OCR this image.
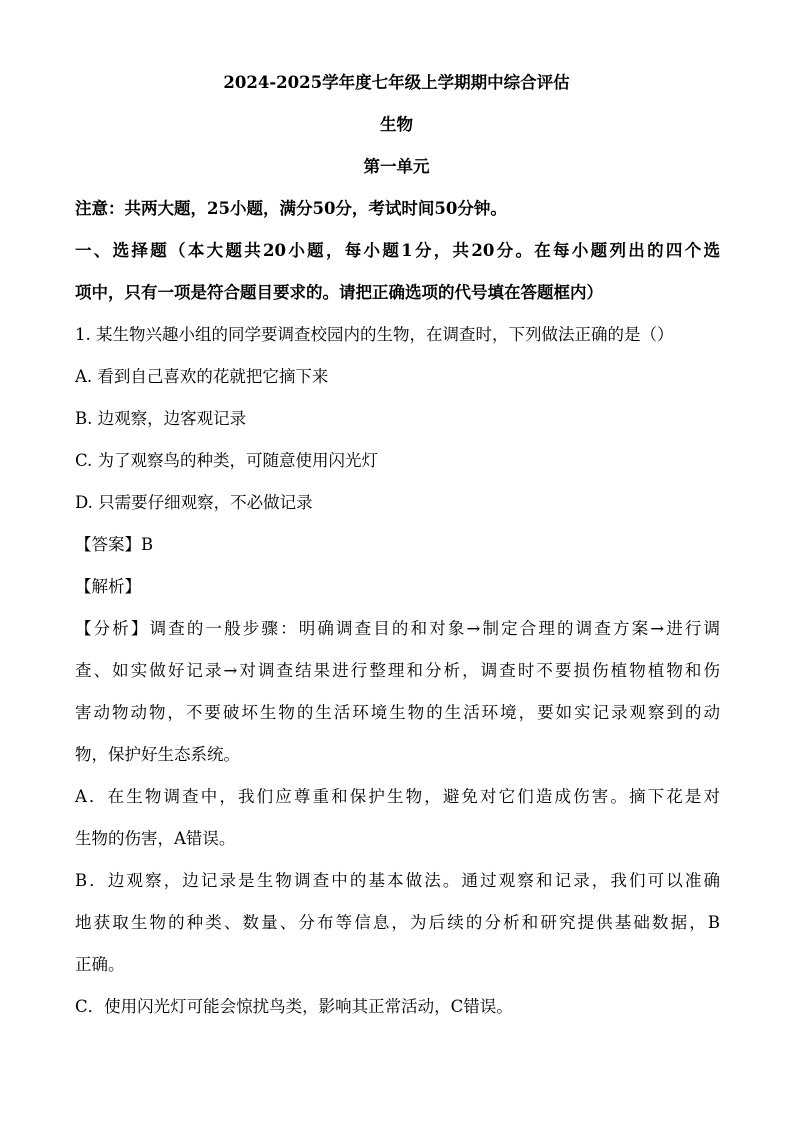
2024-2025学年度七年级上学期期中综合评估
生物
第一单元
注意：共两大题，25小题，满分50分，考试时间50分钟。
一、选择题（本大题共20小题，每小题1分，共20分。在每小题列出的四个选
项中，只有一项是符合题目要求的。请把正确选项的代号填在答题框内）
1. 某生物兴趣小组的同学要调查校园内的生物，在调查时，下列做法正确的是（）
A. 看到自己喜欢的花就把它摘下来
B. 边观察，边客观记录
C. 为了观察鸟的种类，可随意使用闪光灯
D. 只需要仔细观察，不必做记录
【答案】B
【解析】
【分析】调查的一般步骤：明确调查目的和对象→制定合理的调查方案→进行调
查、如实做好记录→对调查结果进行整理和分析，调查时不要损伤植物植物和伤
害动物动物，不要破坏生物的生活环境生物的生活环境，要如实记录观察到的动
物，保护好生态系统。
A．在生物调查中，我们应尊重和保护生物，避免对它们造成伤害。摘下花是对
生物的伤害，A错误。
B．边观察，边记录是生物调查中的基本做法。通过观察和记录，我们可以准确
地获取生物的种类、数量、分布等信息，为后续的分析和研究提供基础数据，B
正确。
C．使用闪光灯可能会惊扰鸟类，影响其正常活动，C错误。
